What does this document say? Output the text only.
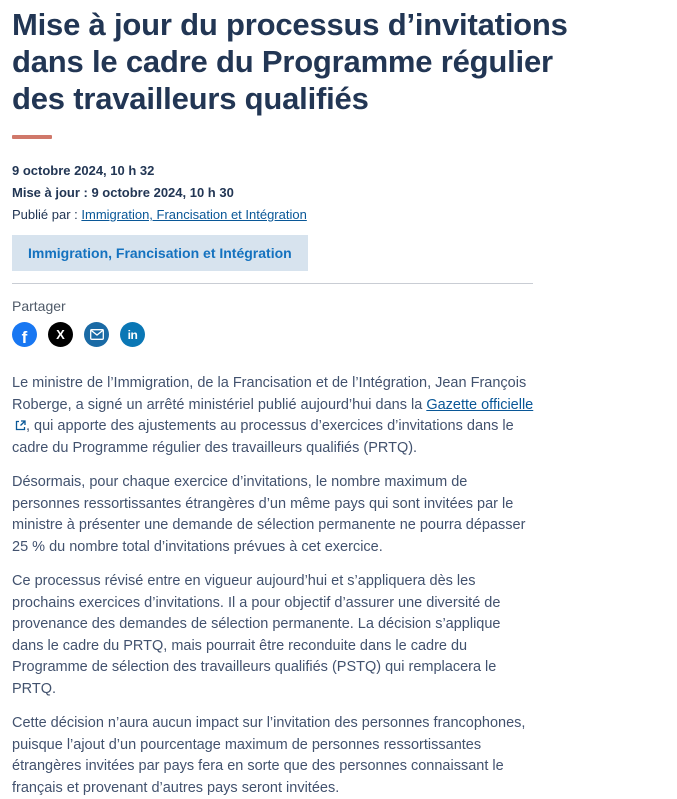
Mise à jour du processus d’invitations
dans le cadre du Programme régulier
des travailleurs qualifiés
9 octobre 2024, 10 h 32
Mise à jour : 9 octobre 2024, 10 h 30
Publié par : Immigration, Francisation et Intégration
Immigration, Francisation et Intégration
Partager
f X	in

Le ministre de l’Immigration, de la Francisation et de l’Intégration, Jean François Roberge, a signé un arrêté ministériel publié aujourd’hui dans la Gazette officielle, qui apporte des ajustements au processus d’exercices d’invitations dans le cadre du Programme régulier des travailleurs qualifiés (PRTQ).

Désormais, pour chaque exercice d’invitations, le nombre maximum de personnes ressortissantes étrangères d’un même pays qui sont invitées par le ministre à présenter une demande de sélection permanente ne pourra dépasser 25 % du nombre total d’invitations prévues à cet exercice.

Ce processus révisé entre en vigueur aujourd’hui et s’appliquera dès les prochains exercices d’invitations. Il a pour objectif d’assurer une diversité de provenance des demandes de sélection permanente. La décision s’applique dans le cadre du PRTQ, mais pourrait être reconduite dans le cadre du Programme de sélection des travailleurs qualifiés (PSTQ) qui remplacera le PRTQ.

Cette décision n’aura aucun impact sur l’invitation des personnes francophones, puisque l’ajout d’un pourcentage maximum de personnes ressortissantes étrangères invitées par pays fera en sorte que des personnes connaissant le français et provenant d’autres pays seront invitées.
